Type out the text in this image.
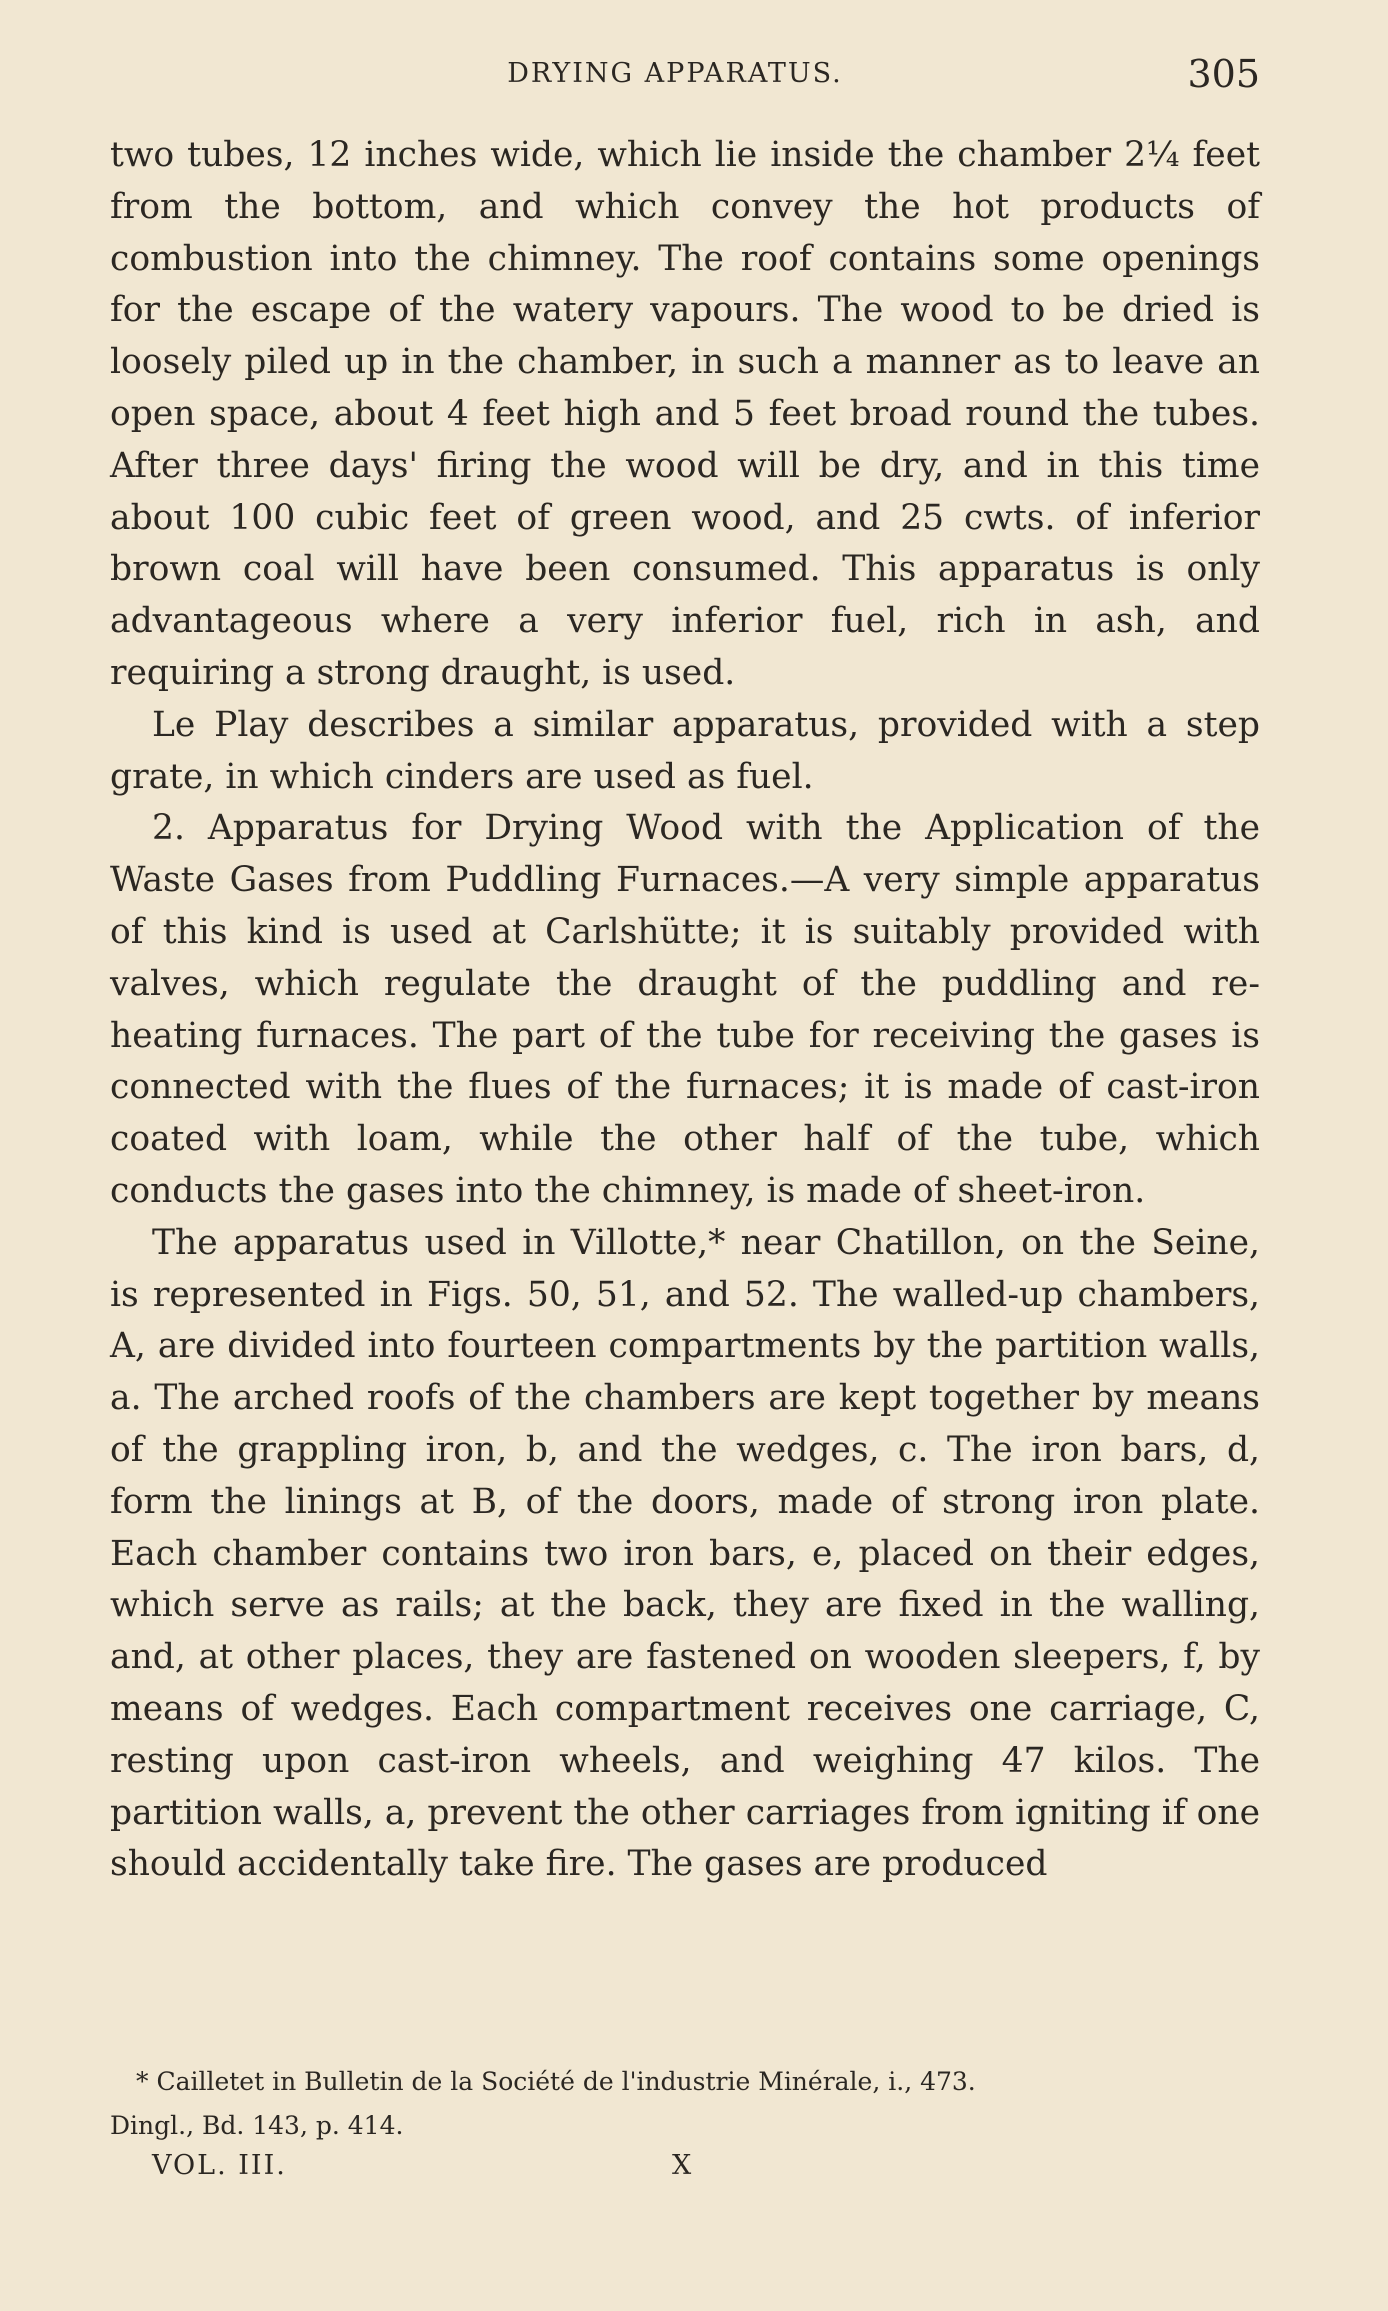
DRYING APPARATUS.	305

two tubes, 12 inches wide, which lie inside the chamber 2¼ feet from the bottom, and which convey the hot products of combustion into the chimney. The roof contains some openings for the escape of the watery vapours. The wood to be dried is loosely piled up in the chamber, in such a manner as to leave an open space, about 4 feet high and 5 feet broad round the tubes. After three days' firing the wood will be dry, and in this time about 100 cubic feet of green wood, and 25 cwts. of inferior brown coal will have been consumed. This apparatus is only advantageous where a very inferior fuel, rich in ash, and requiring a strong draught, is used.

Le Play describes a similar apparatus, provided with a step grate, in which cinders are used as fuel.

2. Apparatus for Drying Wood with the Application of the Waste Gases from Puddling Furnaces.—A very simple apparatus of this kind is used at Carlshütte; it is suitably provided with valves, which regulate the draught of the puddling and re-heating furnaces. The part of the tube for receiving the gases is connected with the flues of the furnaces; it is made of cast-iron coated with loam, while the other half of the tube, which conducts the gases into the chimney, is made of sheet-iron.

The apparatus used in Villotte,* near Chatillon, on the Seine, is represented in Figs. 50, 51, and 52. The walled-up chambers, A, are divided into fourteen compartments by the partition walls, a. The arched roofs of the chambers are kept together by means of the grappling iron, b, and the wedges, c. The iron bars, d, form the linings at B, of the doors, made of strong iron plate. Each chamber contains two iron bars, e, placed on their edges, which serve as rails; at the back, they are fixed in the walling, and, at other places, they are fastened on wooden sleepers, f, by means of wedges. Each compartment receives one carriage, C, resting upon cast-iron wheels, and weighing 47 kilos. The partition walls, a, prevent the other carriages from igniting if one should accidentally take fire. The gases are produced

* Cailletet in Bulletin de la Société de l'industrie Minérale, i., 473.

Dingl., Bd. 143, p. 414.

VOL. III.	X
